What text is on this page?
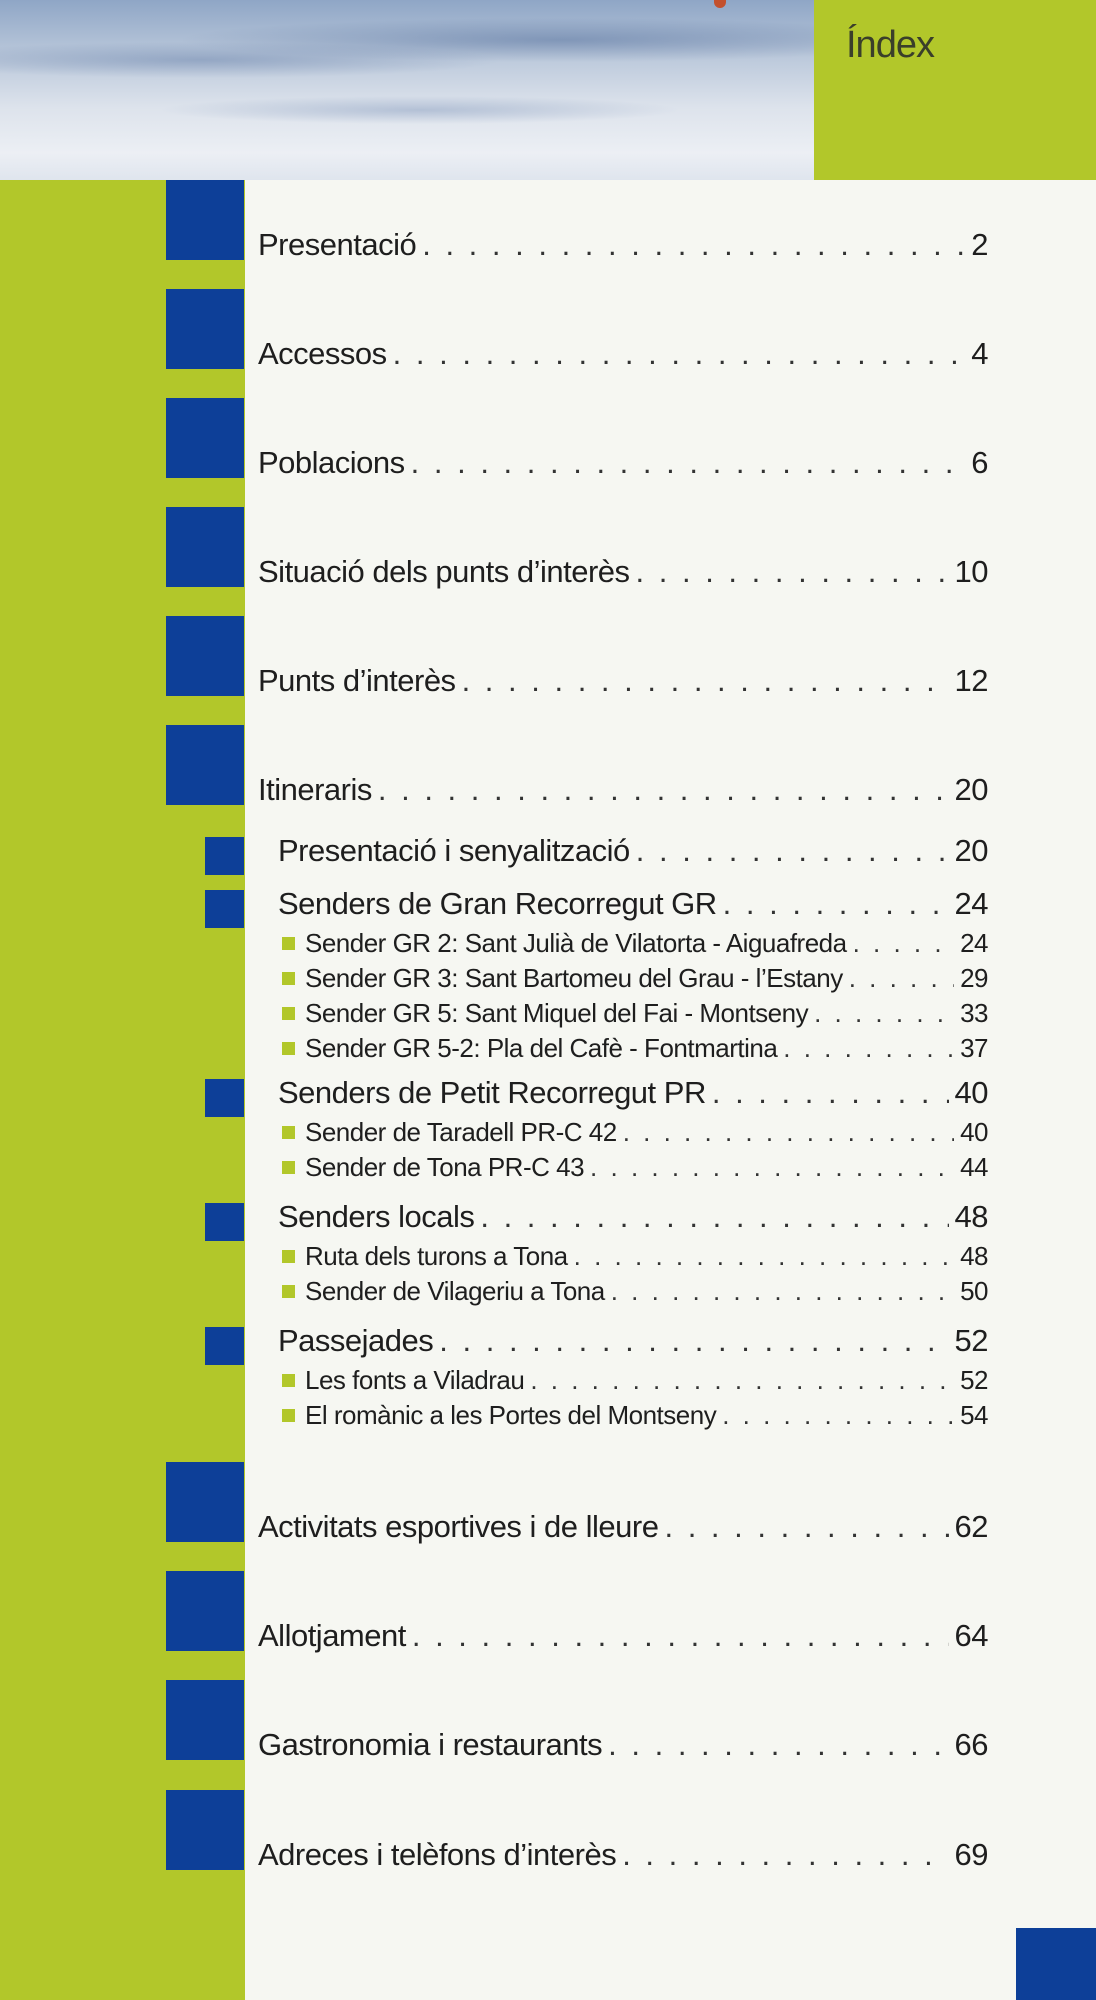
Índex
Presentació . . .	2
Accessos . . .	4
Poblacions . . .	6
Situació dels punts d’interès . . .	10
Punts d’interès . . .	12
Itineraris . . .	20
Presentació i senyalització . . .	20
Senders de Gran Recorregut GR . . .	24
Sender GR 2: Sant Julià de Vilatorta - Aiguafreda . . .	24
Sender GR 3: Sant Bartomeu del Grau - l’Estany . . .	29
Sender GR 5: Sant Miquel del Fai - Montseny . . .	33
Sender GR 5-2: Pla del Cafè - Fontmartina . . .	37
Senders de Petit Recorregut PR . . .	40
Sender de Taradell PR-C 42 . . .	40
Sender de Tona PR-C 43 . . .	44
Senders locals . . .	48
Ruta dels turons a Tona . . .	48
Sender de Vilageriu a Tona . . .	50
Passejades . . .	52
Les fonts a Viladrau . . .	52
El romànic a les Portes del Montseny . . .	54
Activitats esportives i de lleure . . .	62
Allotjament . . .	64
Gastronomia i restaurants . . .	66
Adreces i telèfons d’interès . . .	69
